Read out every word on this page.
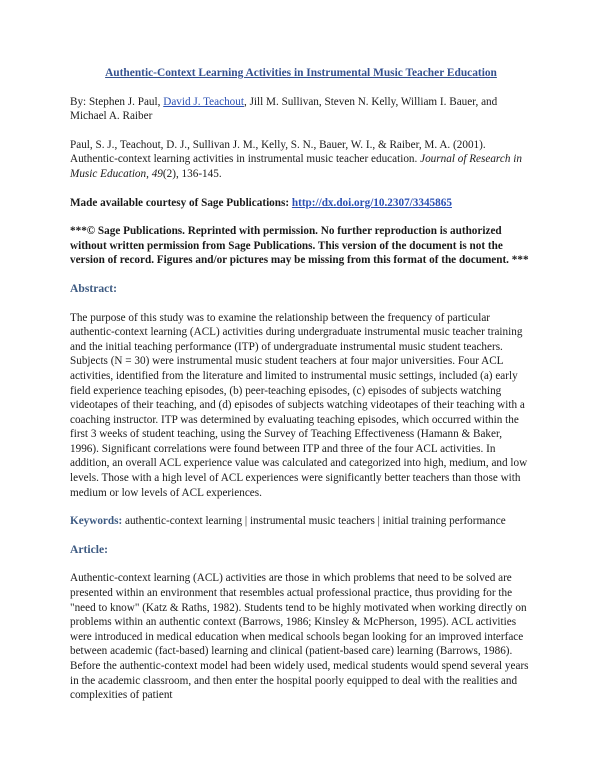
Authentic-Context Learning Activities in Instrumental Music Teacher Education

By: Stephen J. Paul, David J. Teachout, Jill M. Sullivan, Steven N. Kelly, William I. Bauer, and Michael A. Raiber

Paul, S. J., Teachout, D. J., Sullivan J. M., Kelly, S. N., Bauer, W. I., & Raiber, M. A. (2001). Authentic-context learning activities in instrumental music teacher education. Journal of Research in Music Education, 49(2), 136-145.

Made available courtesy of Sage Publications: http://dx.doi.org/10.2307/3345865

***© Sage Publications. Reprinted with permission. No further reproduction is authorized without written permission from Sage Publications. This version of the document is not the version of record. Figures and/or pictures may be missing from this format of the document. ***

Abstract:

The purpose of this study was to examine the relationship between the frequency of particular authentic-context learning (ACL) activities during undergraduate instrumental music teacher training and the initial teaching performance (ITP) of undergraduate instrumental music student teachers. Subjects (N = 30) were instrumental music student teachers at four major universities. Four ACL activities, identified from the literature and limited to instrumental music settings, included (a) early field experience teaching episodes, (b) peer-teaching episodes, (c) episodes of subjects watching videotapes of their teaching, and (d) episodes of subjects watching videotapes of their teaching with a coaching instructor. ITP was determined by evaluating teaching episodes, which occurred within the first 3 weeks of student teaching, using the Survey of Teaching Effectiveness (Hamann & Baker, 1996). Significant correlations were found between ITP and three of the four ACL activities. In addition, an overall ACL experience value was calculated and categorized into high, medium, and low levels. Those with a high level of ACL experiences were significantly better teachers than those with medium or low levels of ACL experiences.

Keywords: authentic-context learning | instrumental music teachers | initial training performance

Article:

Authentic-context learning (ACL) activities are those in which problems that need to be solved are presented within an environment that resembles actual professional practice, thus providing for the "need to know" (Katz & Raths, 1982). Students tend to be highly motivated when working directly on problems within an authentic context (Barrows, 1986; Kinsley & McPherson, 1995). ACL activities were introduced in medical education when medical schools began looking for an improved interface between academic (fact-based) learning and clinical (patient-based care) learning (Barrows, 1986). Before the authentic-context model had been widely used, medical students would spend several years in the academic classroom, and then enter the hospital poorly equipped to deal with the realities and complexities of patient
